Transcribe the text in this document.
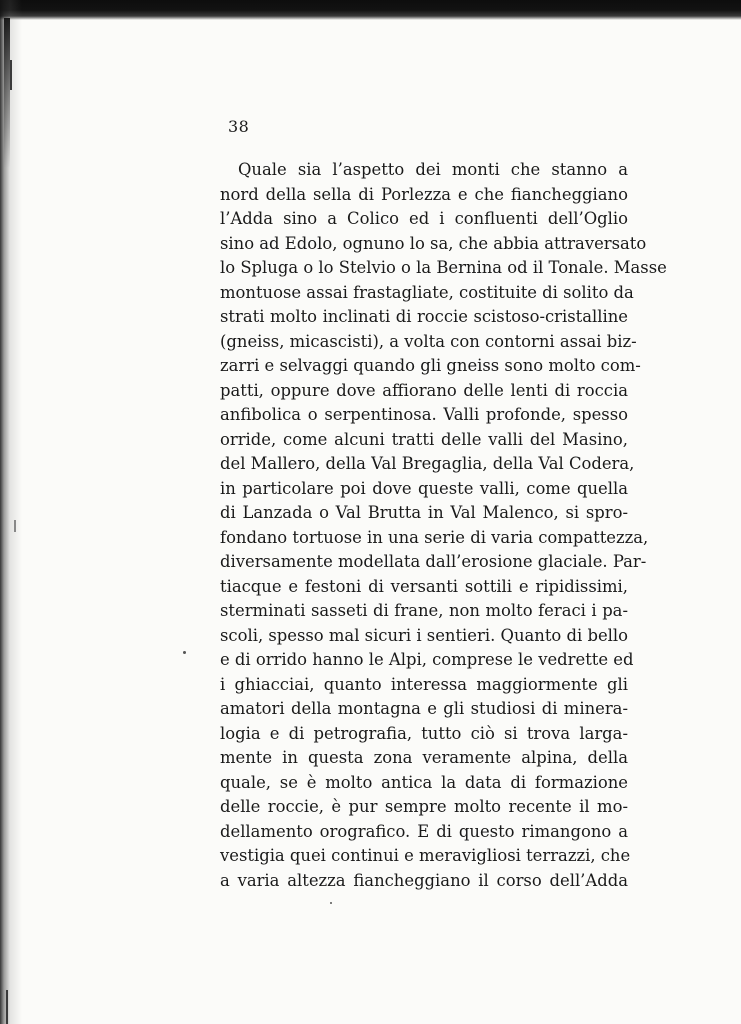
38
Quale sia l’aspetto dei monti che stanno a
nord della sella di Porlezza e che fiancheggiano
l’Adda sino a Colico ed i confluenti dell’Oglio
sino ad Edolo, ognuno lo sa, che abbia attraversato
lo Spluga o lo Stelvio o la Bernina od il Tonale. Masse
montuose assai frastagliate, costituite di solito da
strati molto inclinati di roccie scistoso-cristalline
(gneiss, micascisti), a volta con contorni assai biz-
zarri e selvaggi quando gli gneiss sono molto com-
patti, oppure dove affiorano delle lenti di roccia
anfibolica o serpentinosa. Valli profonde, spesso
orride, come alcuni tratti delle valli del Masino,
del Mallero, della Val Bregaglia, della Val Codera,
in particolare poi dove queste valli, come quella
di Lanzada o Val Brutta in Val Malenco, si spro-
fondano tortuose in una serie di varia compattezza,
diversamente modellata dall’erosione glaciale. Par-
tiacque e festoni di versanti sottili e ripidissimi,
sterminati sasseti di frane, non molto feraci i pa-
scoli, spesso mal sicuri i sentieri. Quanto di bello
e di orrido hanno le Alpi, comprese le vedrette ed
i ghiacciai, quanto interessa maggiormente gli
amatori della montagna e gli studiosi di minera-
logia e di petrografia, tutto ciò si trova larga-
mente in questa zona veramente alpina, della
quale, se è molto antica la data di formazione
delle roccie, è pur sempre molto recente il mo-
dellamento orografico. E di questo rimangono a
vestigia quei continui e meravigliosi terrazzi, che
a varia altezza fiancheggiano il corso dell’Adda
